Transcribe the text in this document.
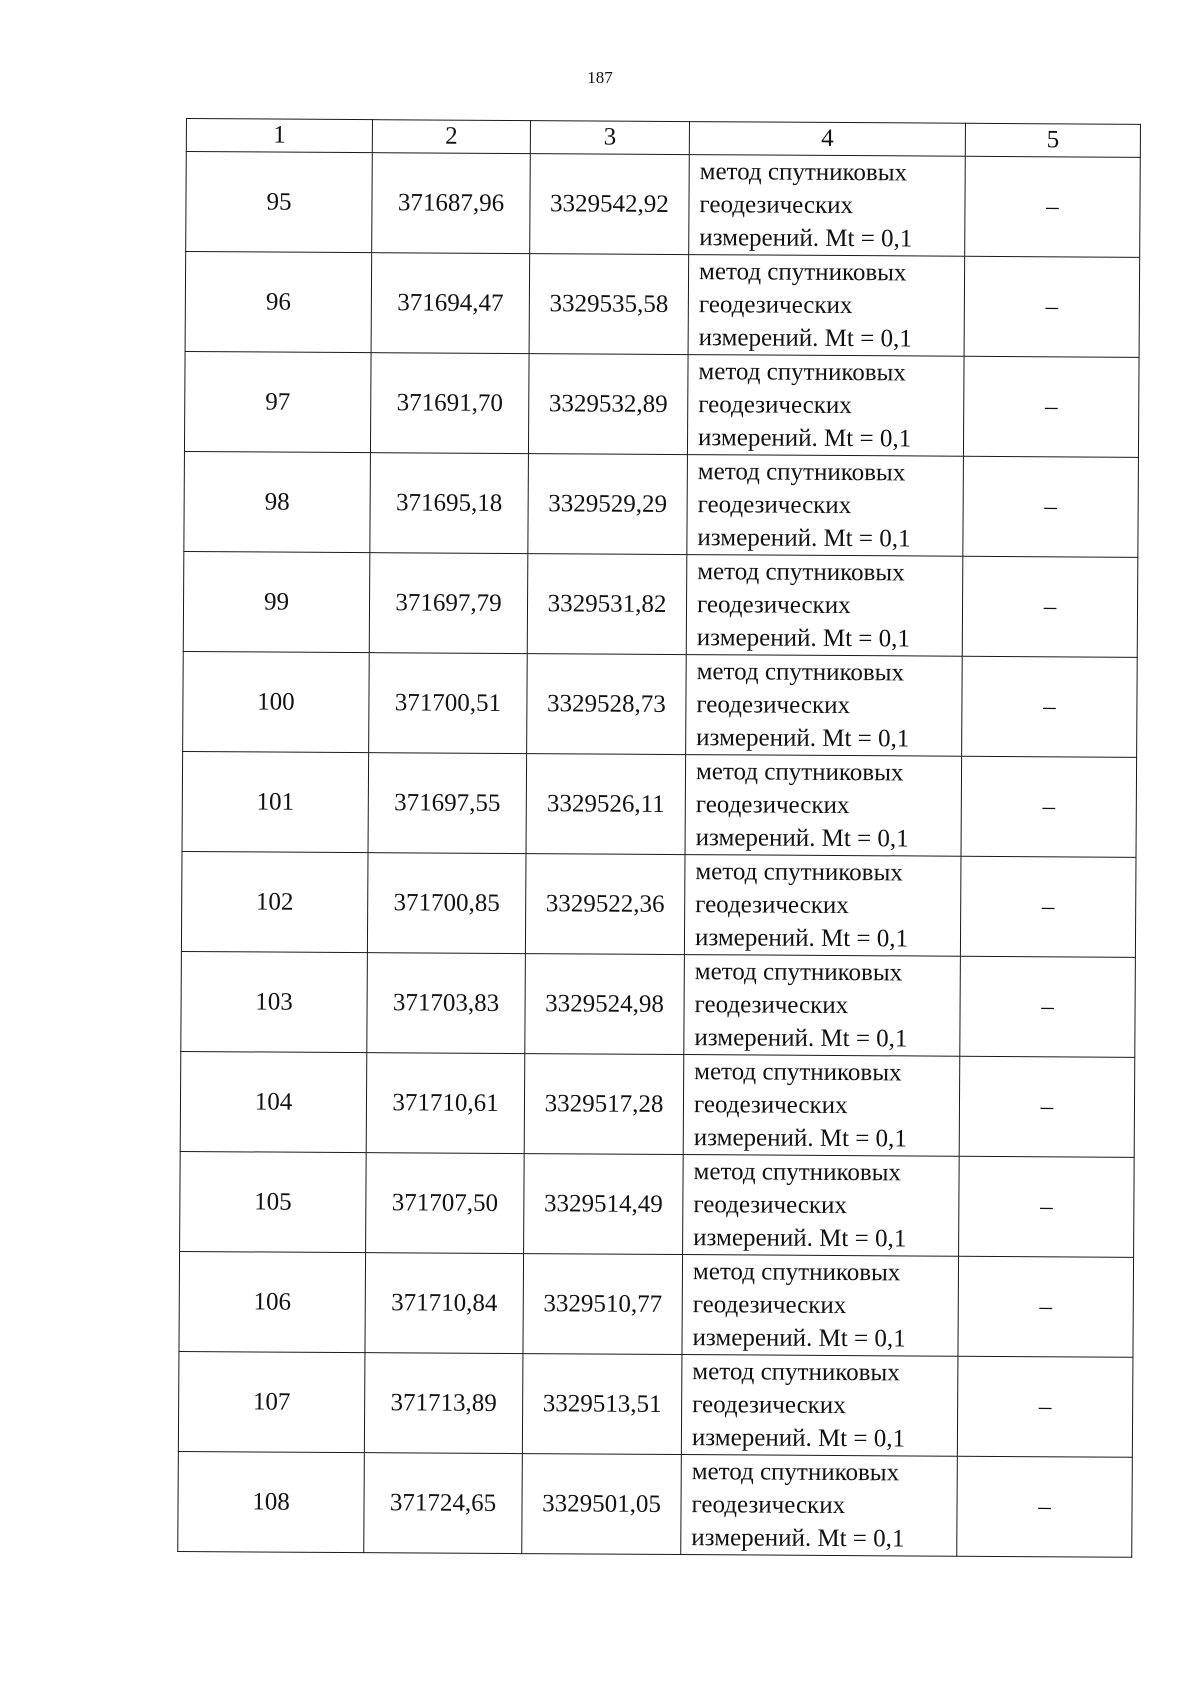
187
1	2	3	4	5
95	371687,96	3329542,92	метод спутниковых
геодезических
измерений. Mt = 0,1	–
96	371694,47	3329535,58	метод спутниковых
геодезических
измерений. Mt = 0,1	–
97	371691,70	3329532,89	метод спутниковых
геодезических
измерений. Mt = 0,1	–
98	371695,18	3329529,29	метод спутниковых
геодезических
измерений. Mt = 0,1	–
99	371697,79	3329531,82	метод спутниковых
геодезических
измерений. Mt = 0,1	–
100	371700,51	3329528,73	метод спутниковых
геодезических
измерений. Mt = 0,1	–
101	371697,55	3329526,11	метод спутниковых
геодезических
измерений. Mt = 0,1	–
102	371700,85	3329522,36	метод спутниковых
геодезических
измерений. Mt = 0,1	–
103	371703,83	3329524,98	метод спутниковых
геодезических
измерений. Mt = 0,1	–
104	371710,61	3329517,28	метод спутниковых
геодезических
измерений. Mt = 0,1	–
105	371707,50	3329514,49	метод спутниковых
геодезических
измерений. Mt = 0,1	–
106	371710,84	3329510,77	метод спутниковых
геодезических
измерений. Mt = 0,1	–
107	371713,89	3329513,51	метод спутниковых
геодезических
измерений. Mt = 0,1	–
108	371724,65	3329501,05	метод спутниковых
геодезических
измерений. Mt = 0,1	–
